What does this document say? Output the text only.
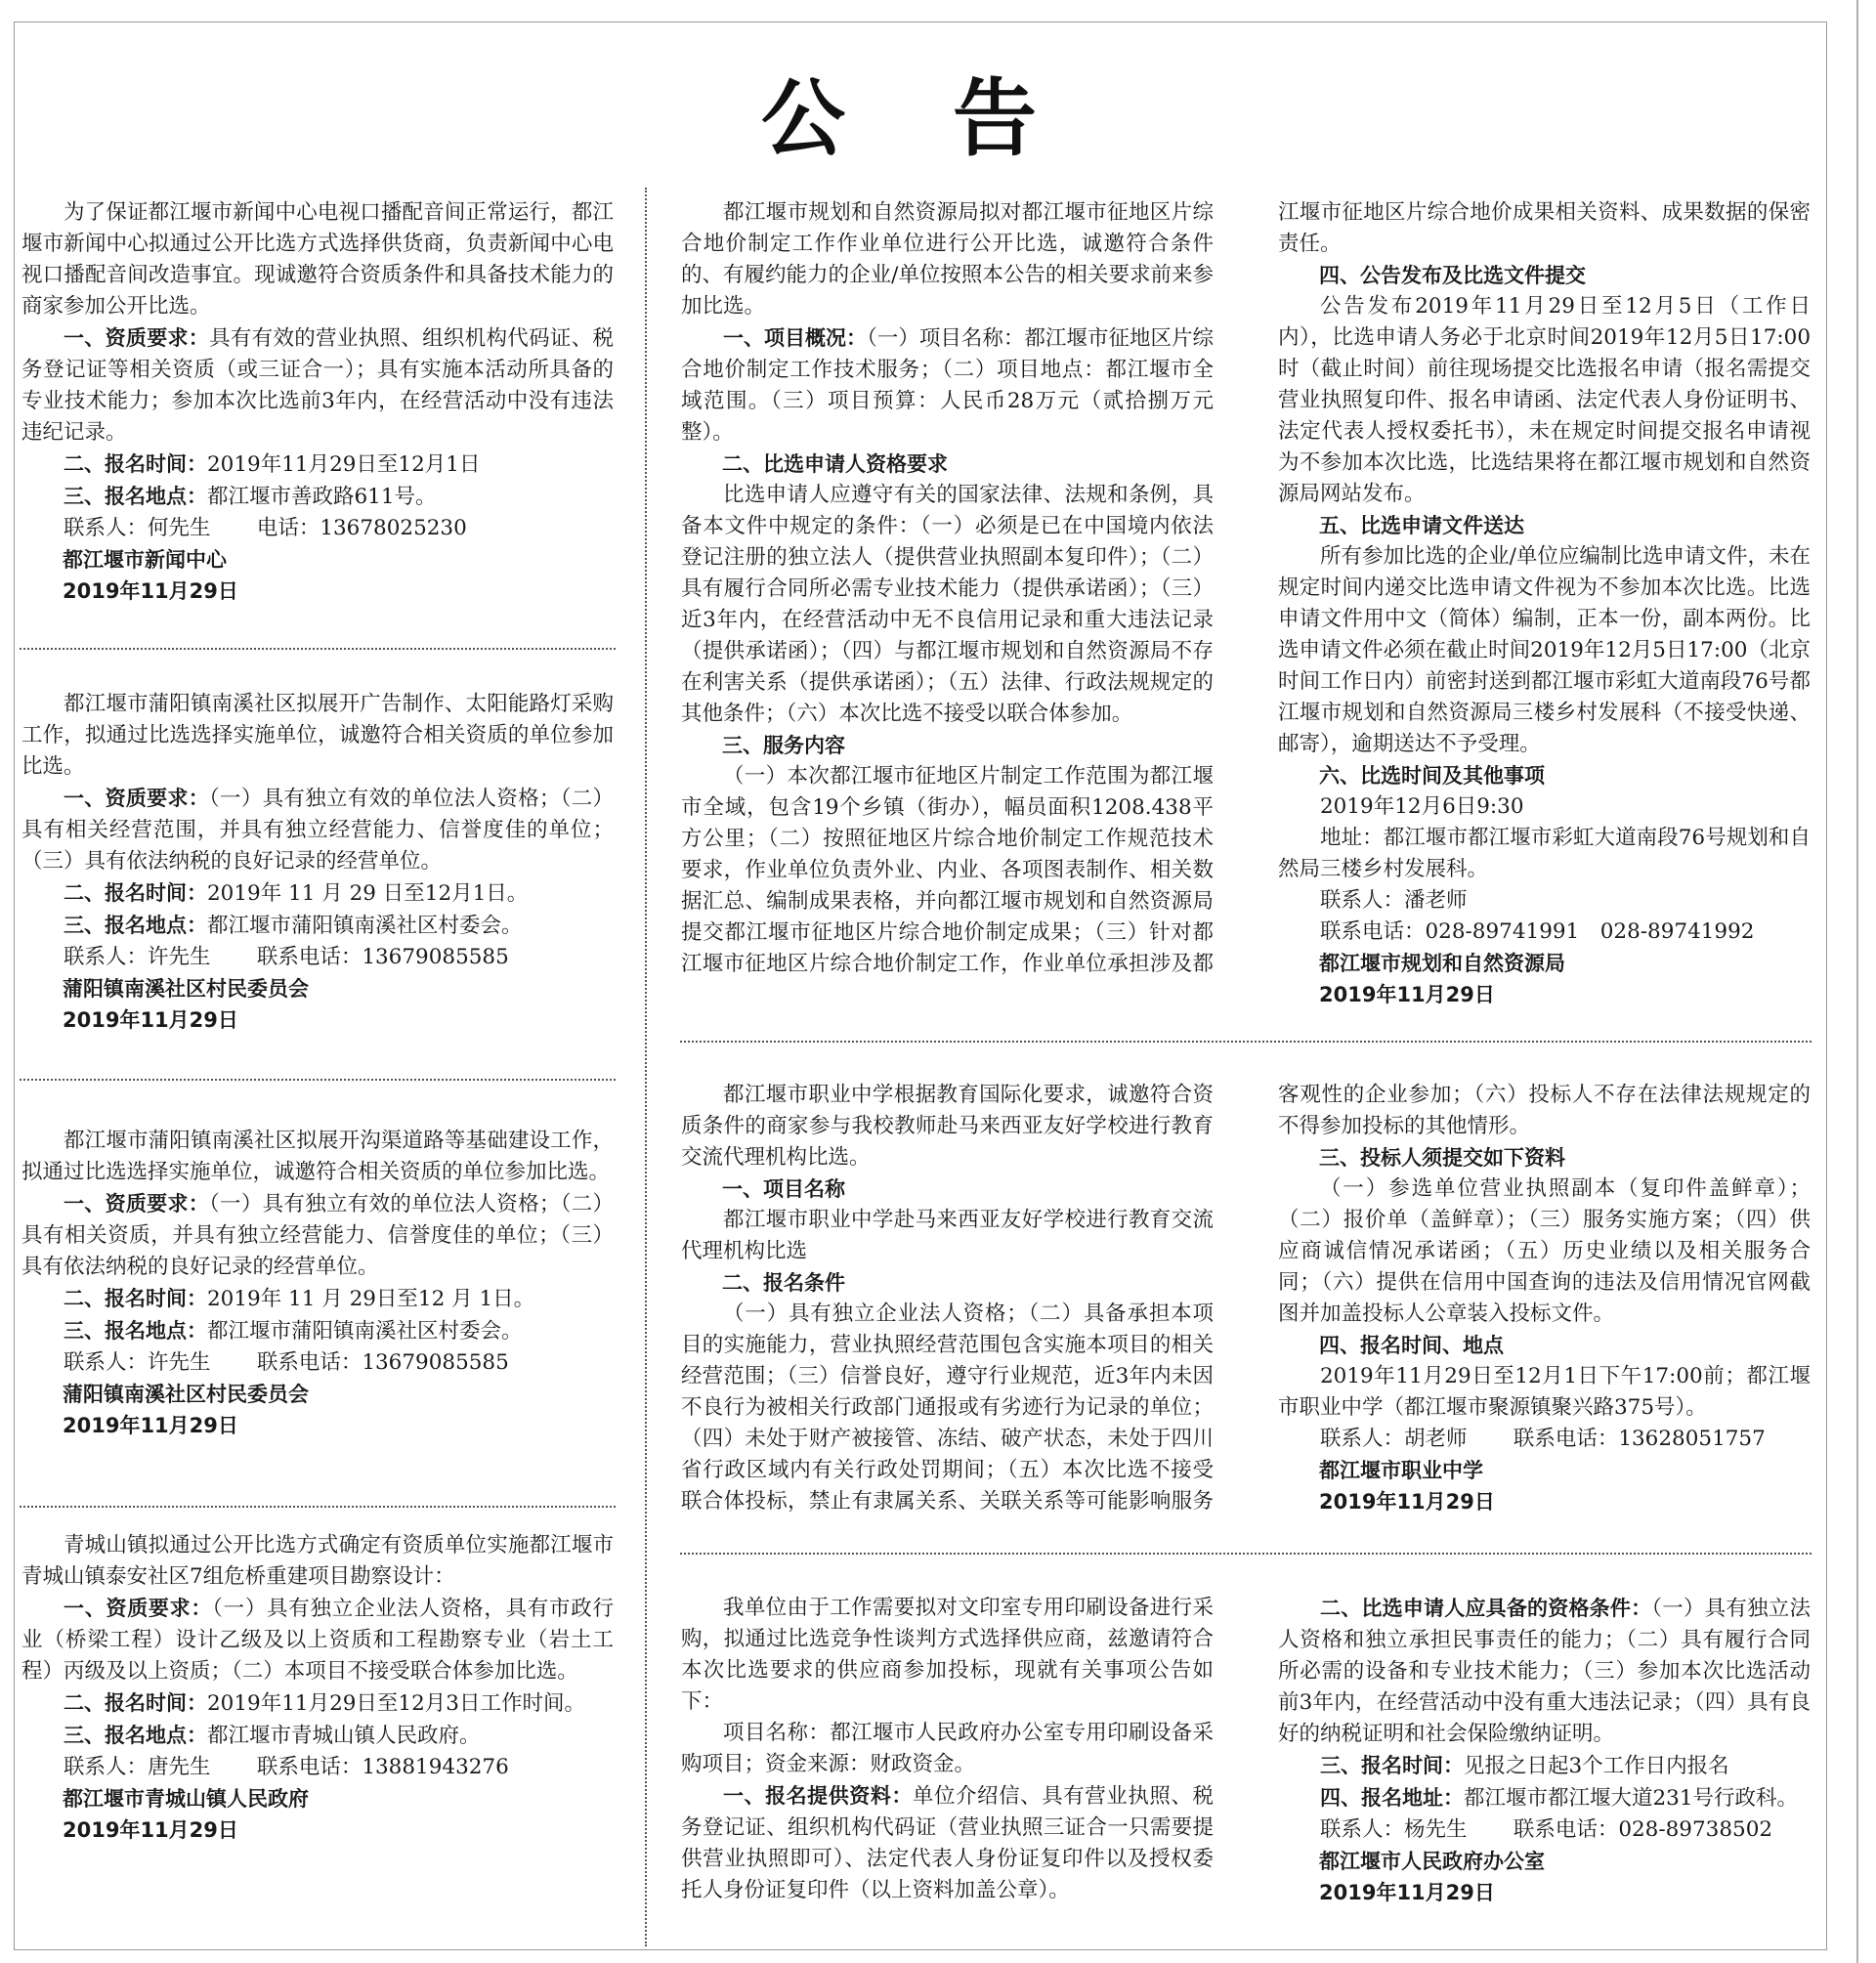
公 告

为了保证都江堰市新闻中心电视口播配音间正常运行，都江堰市新闻中心拟通过公开比选方式选择供货商，负责新闻中心电视口播配音间改造事宜。现诚邀符合资质条件和具备技术能力的商家参加公开比选。

一、资质要求：具有有效的营业执照、组织机构代码证、税务登记证等相关资质（或三证合一）；具有实施本活动所具备的专业技术能力；参加本次比选前3年内，在经营活动中没有违法违纪记录。

二、报名时间：2019年11月29日至12月1日

三、报名地点：都江堰市善政路611号。

联系人：何先生 电话：13678025230

都江堰市新闻中心

2019年11月29日

都江堰市蒲阳镇南溪社区拟展开广告制作、太阳能路灯采购工作，拟通过比选选择实施单位，诚邀符合相关资质的单位参加比选。

一、资质要求：（一）具有独立有效的单位法人资格；（二）具有相关经营范围，并具有独立经营能力、信誉度佳的单位；（三）具有依法纳税的良好记录的经营单位。

二、报名时间：2019年 11 月 29 日至12月1日。

三、报名地点：都江堰市蒲阳镇南溪社区村委会。

联系人：许先生 联系电话：13679085585

蒲阳镇南溪社区村民委员会

2019年11月29日

都江堰市蒲阳镇南溪社区拟展开沟渠道路等基础建设工作，拟通过比选选择实施单位，诚邀符合相关资质的单位参加比选。

一、资质要求：（一）具有独立有效的单位法人资格；（二）具有相关资质，并具有独立经营能力、信誉度佳的单位；（三）具有依法纳税的良好记录的经营单位。

二、报名时间：2019年 11 月 29日至12 月 1日。

三、报名地点：都江堰市蒲阳镇南溪社区村委会。

联系人：许先生 联系电话：13679085585

蒲阳镇南溪社区村民委员会

2019年11月29日

青城山镇拟通过公开比选方式确定有资质单位实施都江堰市青城山镇泰安社区7组危桥重建项目勘察设计：

一、资质要求：（一）具有独立企业法人资格，具有市政行业（桥梁工程）设计乙级及以上资质和工程勘察专业（岩土工程）丙级及以上资质；（二）本项目不接受联合体参加比选。

二、报名时间：2019年11月29日至12月3日工作时间。

三、报名地点：都江堰市青城山镇人民政府。

联系人：唐先生 联系电话：13881943276

都江堰市青城山镇人民政府

2019年11月29日

都江堰市规划和自然资源局拟对都江堰市征地区片综合地价制定工作作业单位进行公开比选，诚邀符合条件的、有履约能力的企业/单位按照本公告的相关要求前来参加比选。

一、项目概况：（一）项目名称：都江堰市征地区片综合地价制定工作技术服务；（二）项目地点：都江堰市全域范围。（三）项目预算：人民币28万元（贰拾捌万元整）。

二、比选申请人资格要求

比选申请人应遵守有关的国家法律、法规和条例，具备本文件中规定的条件：（一）必须是已在中国境内依法登记注册的独立法人（提供营业执照副本复印件）；（二）具有履行合同所必需专业技术能力（提供承诺函）；（三）近3年内，在经营活动中无不良信用记录和重大违法记录（提供承诺函）；（四）与都江堰市规划和自然资源局不存在利害关系（提供承诺函）；（五）法律、行政法规规定的其他条件；（六）本次比选不接受以联合体参加。

三、服务内容

（一）本次都江堰市征地区片制定工作范围为都江堰市全域，包含19个乡镇（街办），幅员面积1208.438平方公里；（二）按照征地区片综合地价制定工作规范技术要求，作业单位负责外业、内业、各项图表制作、相关数据汇总、编制成果表格，并向都江堰市规划和自然资源局提交都江堰市征地区片综合地价制定成果；（三）针对都江堰市征地区片综合地价制定工作，作业单位承担涉及都江堰市征地区片综合地价成果相关资料、成果数据的保密责任。

四、公告发布及比选文件提交

公告发布2019年11月29日至12月5日（工作日内），比选申请人务必于北京时间2019年12月5日17:00时（截止时间）前往现场提交比选报名申请（报名需提交营业执照复印件、报名申请函、法定代表人身份证明书、法定代表人授权委托书），未在规定时间提交报名申请视为不参加本次比选，比选结果将在都江堰市规划和自然资源局网站发布。

五、比选申请文件送达

所有参加比选的企业/单位应编制比选申请文件，未在规定时间内递交比选申请文件视为不参加本次比选。比选申请文件用中文（简体）编制，正本一份，副本两份。比选申请文件必须在截止时间2019年12月5日17:00（北京时间工作日内）前密封送到都江堰市彩虹大道南段76号都江堰市规划和自然资源局三楼乡村发展科（不接受快递、邮寄），逾期送达不予受理。

六、比选时间及其他事项

2019年12月6日9:30

地址：都江堰市都江堰市彩虹大道南段76号规划和自然局三楼乡村发展科。

联系人：潘老师

联系电话：028-89741991　028-89741992

都江堰市规划和自然资源局

2019年11月29日

都江堰市职业中学根据教育国际化要求，诚邀符合资质条件的商家参与我校教师赴马来西亚友好学校进行教育交流代理机构比选。

一、项目名称

都江堰市职业中学赴马来西亚友好学校进行教育交流代理机构比选

二、报名条件

（一）具有独立企业法人资格；（二）具备承担本项目的实施能力，营业执照经营范围包含实施本项目的相关经营范围；（三）信誉良好，遵守行业规范，近3年内未因不良行为被相关行政部门通报或有劣迹行为记录的单位；（四）未处于财产被接管、冻结、破产状态，未处于四川省行政区域内有关行政处罚期间；（五）本次比选不接受联合体投标，禁止有隶属关系、关联关系等可能影响服务客观性的企业参加；（六）投标人不存在法律法规规定的不得参加投标的其他情形。

三、投标人须提交如下资料

（一）参选单位营业执照副本（复印件盖鲜章）；（二）报价单（盖鲜章）；（三）服务实施方案；（四）供应商诚信情况承诺函；（五）历史业绩以及相关服务合同；（六）提供在信用中国查询的违法及信用情况官网截图并加盖投标人公章装入投标文件。

四、报名时间、地点

2019年11月29日至12月1日下午17:00前；都江堰市职业中学（都江堰市聚源镇聚兴路375号）。

联系人：胡老师 联系电话：13628051757

都江堰市职业中学

2019年11月29日

我单位由于工作需要拟对文印室专用印刷设备进行采购，拟通过比选竞争性谈判方式选择供应商，兹邀请符合本次比选要求的供应商参加投标，现就有关事项公告如下：

项目名称：都江堰市人民政府办公室专用印刷设备采购项目；资金来源：财政资金。

一、报名提供资料：单位介绍信、具有营业执照、税务登记证、组织机构代码证（营业执照三证合一只需要提供营业执照即可）、法定代表人身份证复印件以及授权委托人身份证复印件（以上资料加盖公章）。

二、比选申请人应具备的资格条件：（一）具有独立法人资格和独立承担民事责任的能力；（二）具有履行合同所必需的设备和专业技术能力；（三）参加本次比选活动前3年内，在经营活动中没有重大违法记录；（四）具有良好的纳税证明和社会保险缴纳证明。

三、报名时间：见报之日起3个工作日内报名

四、报名地址：都江堰市都江堰大道231号行政科。

联系人：杨先生 联系电话：028-89738502

都江堰市人民政府办公室

2019年11月29日
